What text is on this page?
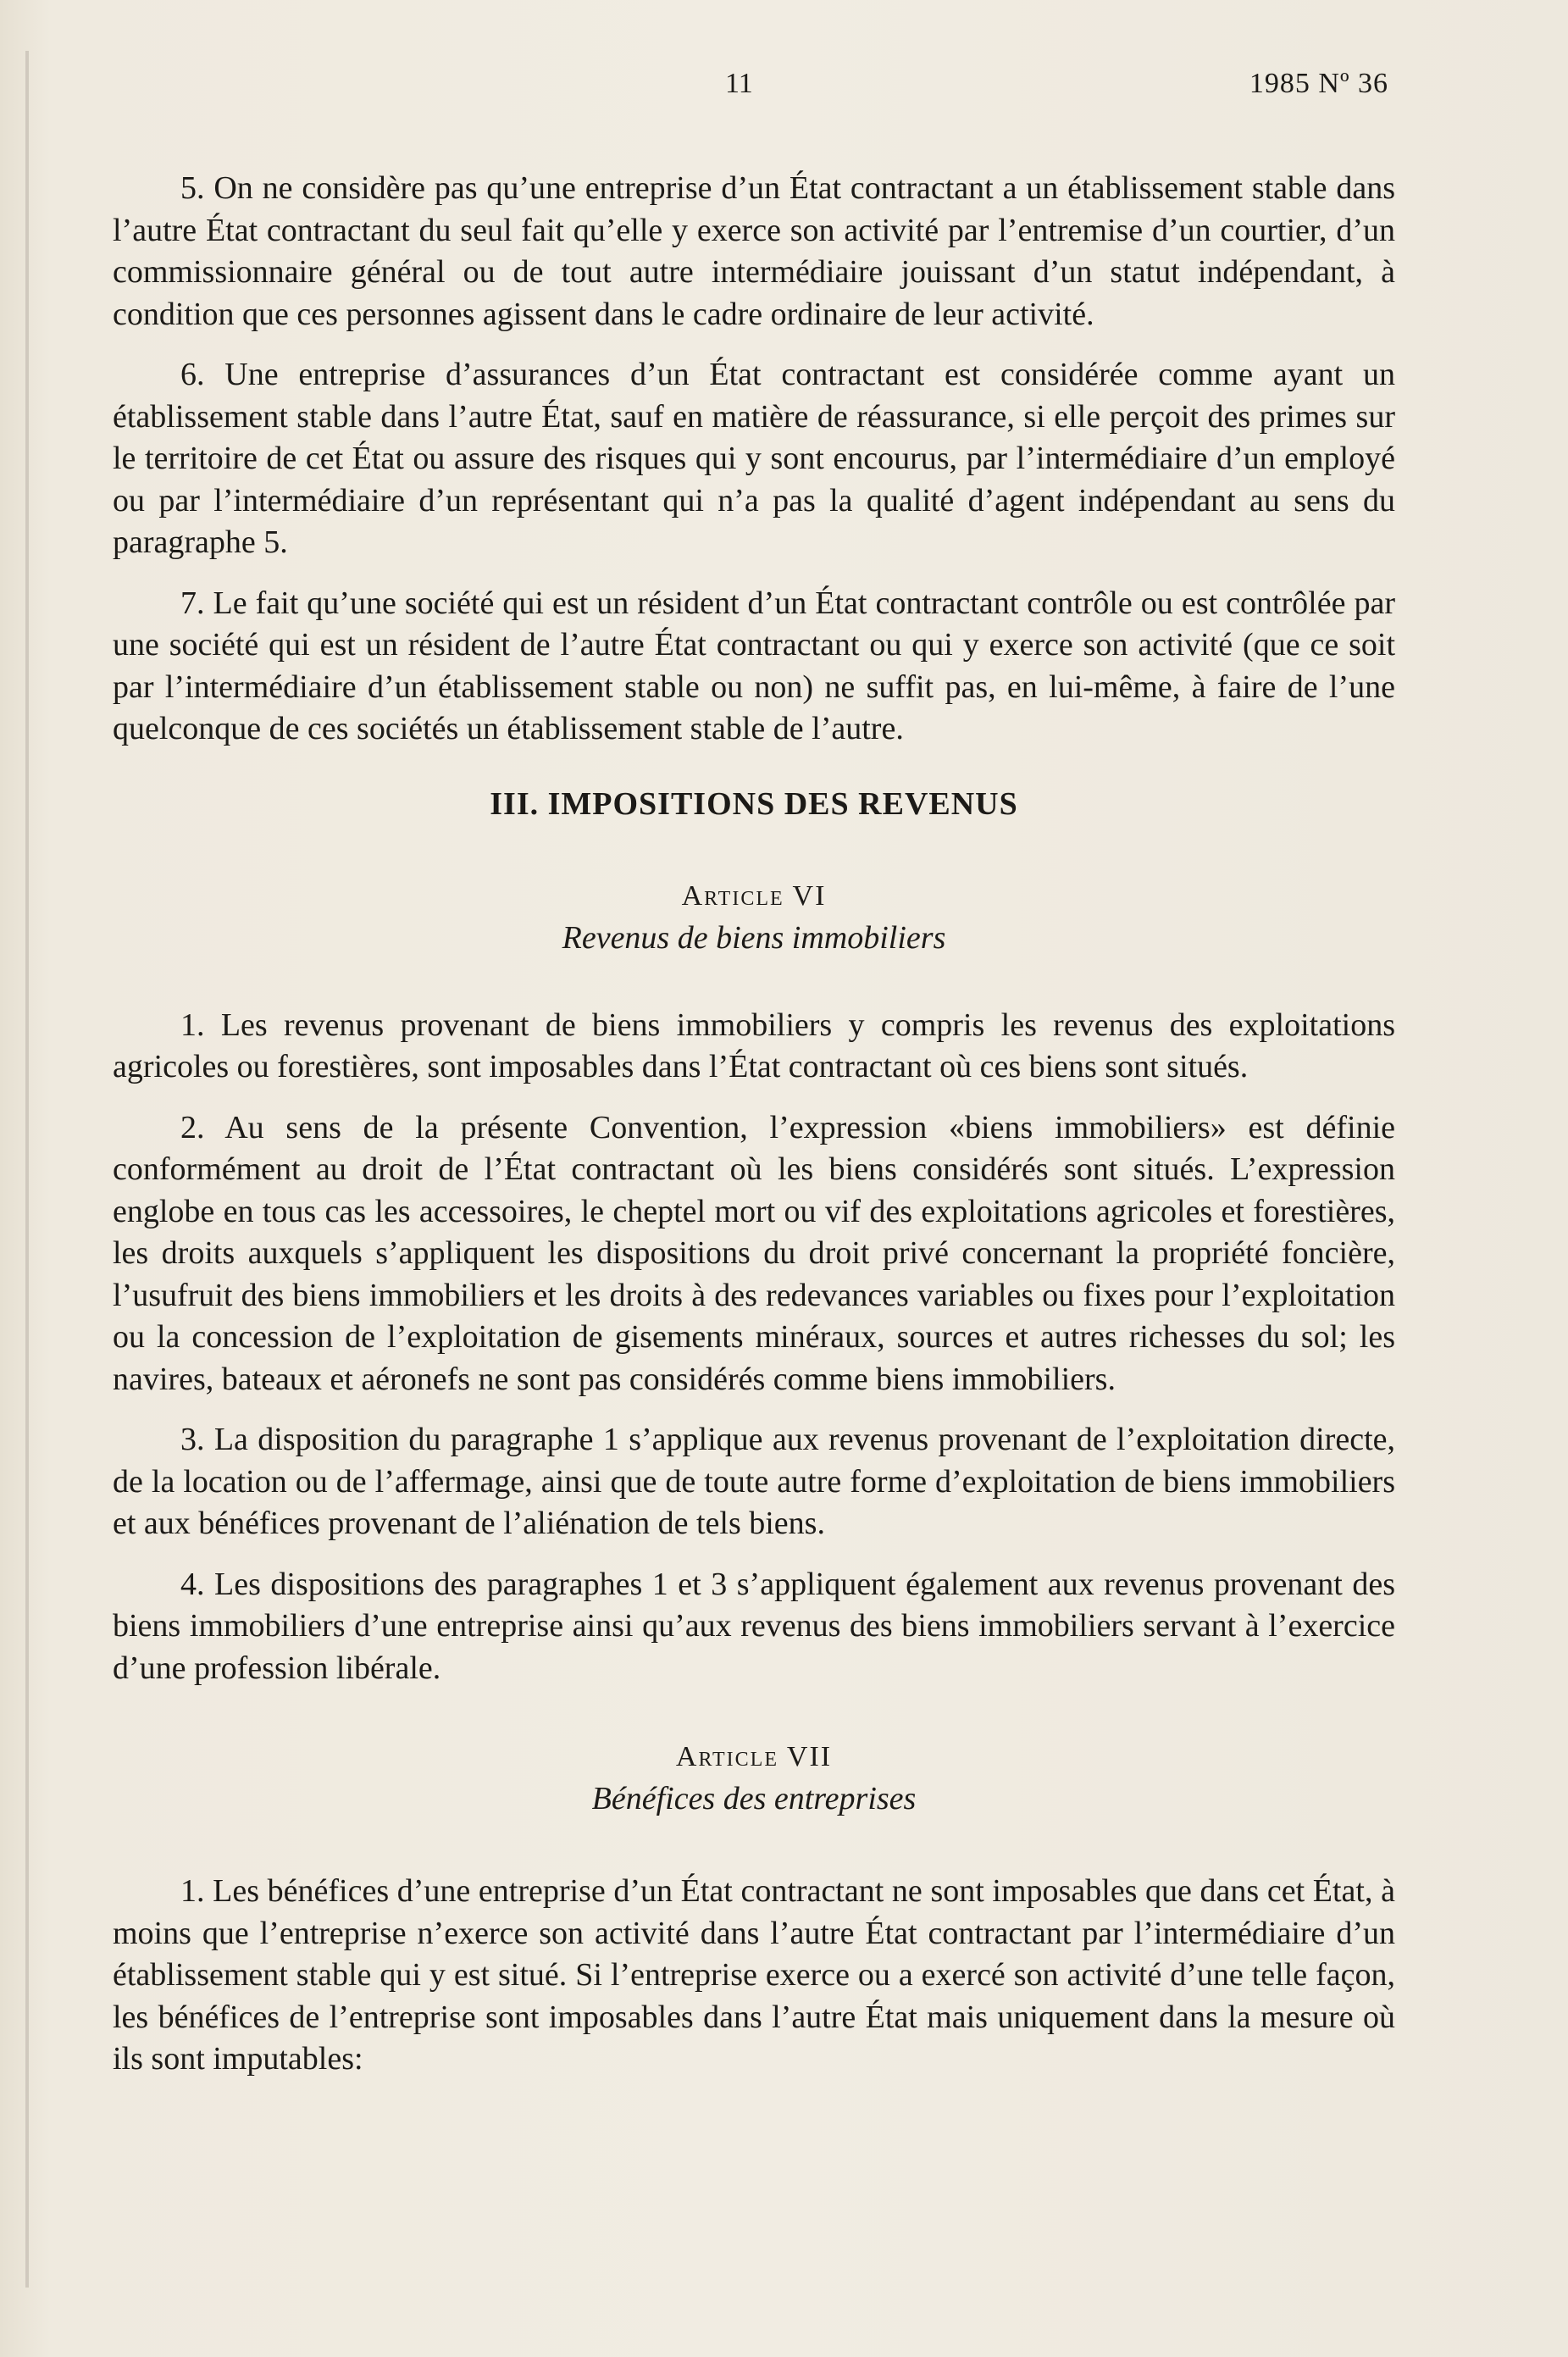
11	1985 Nº 36

5. On ne considère pas qu’une entreprise d’un État contractant a un établissement stable dans l’autre État contractant du seul fait qu’elle y exerce son activité par l’entremise d’un courtier, d’un commissionnaire général ou de tout autre intermédiaire jouissant d’un statut indépendant, à condition que ces personnes agissent dans le cadre ordinaire de leur activité.

6. Une entreprise d’assurances d’un État contractant est considérée comme ayant un établissement stable dans l’autre État, sauf en matière de réassurance, si elle perçoit des primes sur le territoire de cet État ou assure des risques qui y sont encourus, par l’intermédiaire d’un employé ou par l’intermédiaire d’un représentant qui n’a pas la qualité d’agent indépendant au sens du paragraphe 5.

7. Le fait qu’une société qui est un résident d’un État contractant contrôle ou est contrôlée par une société qui est un résident de l’autre État contractant ou qui y exerce son activité (que ce soit par l’intermédiaire d’un établissement stable ou non) ne suffit pas, en lui-même, à faire de l’une quelconque de ces sociétés un établissement stable de l’autre.

III. IMPOSITIONS DES REVENUS
Article VI
Revenus de biens immobiliers

1. Les revenus provenant de biens immobiliers y compris les revenus des exploitations agricoles ou forestières, sont imposables dans l’État contractant où ces biens sont situés.

2. Au sens de la présente Convention, l’expression «biens immobiliers» est définie conformément au droit de l’État contractant où les biens considérés sont situés. L’expression englobe en tous cas les accessoires, le cheptel mort ou vif des exploitations agricoles et forestières, les droits auxquels s’appliquent les dispositions du droit privé concernant la propriété foncière, l’usufruit des biens immobiliers et les droits à des redevances variables ou fixes pour l’exploitation ou la concession de l’exploitation de gisements minéraux, sources et autres richesses du sol; les navires, bateaux et aéronefs ne sont pas considérés comme biens immobiliers.

3. La disposition du paragraphe 1 s’applique aux revenus provenant de l’exploitation directe, de la location ou de l’affermage, ainsi que de toute autre forme d’exploitation de biens immobiliers et aux bénéfices provenant de l’aliénation de tels biens.

4. Les dispositions des paragraphes 1 et 3 s’appliquent également aux revenus provenant des biens immobiliers d’une entreprise ainsi qu’aux revenus des biens immobiliers servant à l’exercice d’une profession libérale.

Article VII
Bénéfices des entreprises

1. Les bénéfices d’une entreprise d’un État contractant ne sont imposables que dans cet État, à moins que l’entreprise n’exerce son activité dans l’autre État contractant par l’intermédiaire d’un établissement stable qui y est situé. Si l’entreprise exerce ou a exercé son activité d’une telle façon, les bénéfices de l’entreprise sont imposables dans l’autre État mais uniquement dans la mesure où ils sont imputables:
